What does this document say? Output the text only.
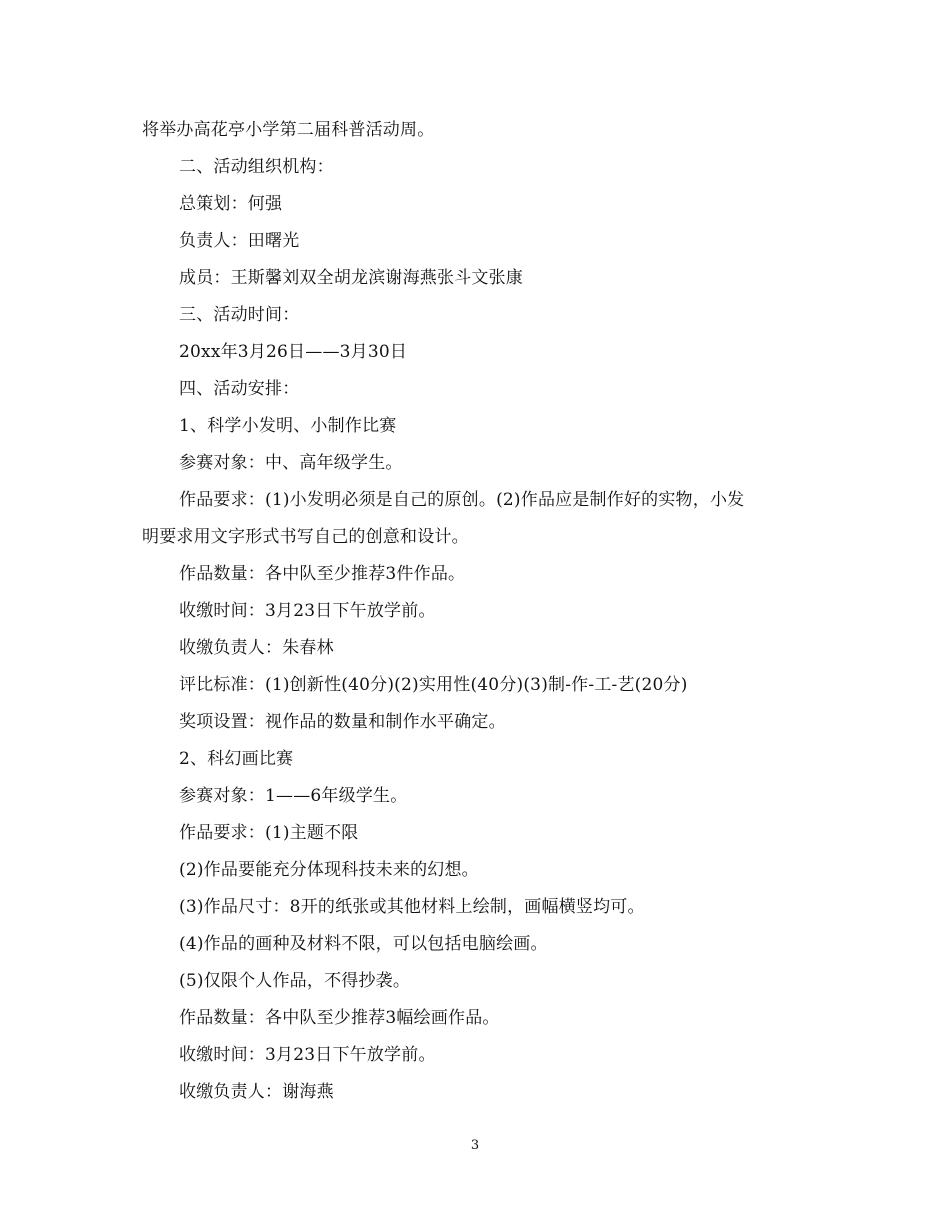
将举办高花亭小学第二届科普活动周。
二、活动组织机构：
总策划：何强
负责人：田曙光
成员：王斯馨刘双全胡龙滨谢海燕张斗文张康
三、活动时间：
20xx年3月26日——3月30日
四、活动安排：
1、科学小发明、小制作比赛
参赛对象：中、高年级学生。
作品要求：(1)小发明必须是自己的原创。(2)作品应是制作好的实物，小发
明要求用文字形式书写自己的创意和设计。
作品数量：各中队至少推荐3件作品。
收缴时间：3月23日下午放学前。
收缴负责人：朱春林
评比标准：(1)创新性(40分)(2)实用性(40分)(3)制-作-工-艺(20分)
奖项设置：视作品的数量和制作水平确定。
2、科幻画比赛
参赛对象：1——6年级学生。
作品要求：(1)主题不限
(2)作品要能充分体现科技未来的幻想。
(3)作品尺寸：8开的纸张或其他材料上绘制，画幅横竖均可。
(4)作品的画种及材料不限，可以包括电脑绘画。
(5)仅限个人作品，不得抄袭。
作品数量：各中队至少推荐3幅绘画作品。
收缴时间：3月23日下午放学前。
收缴负责人：谢海燕
3
